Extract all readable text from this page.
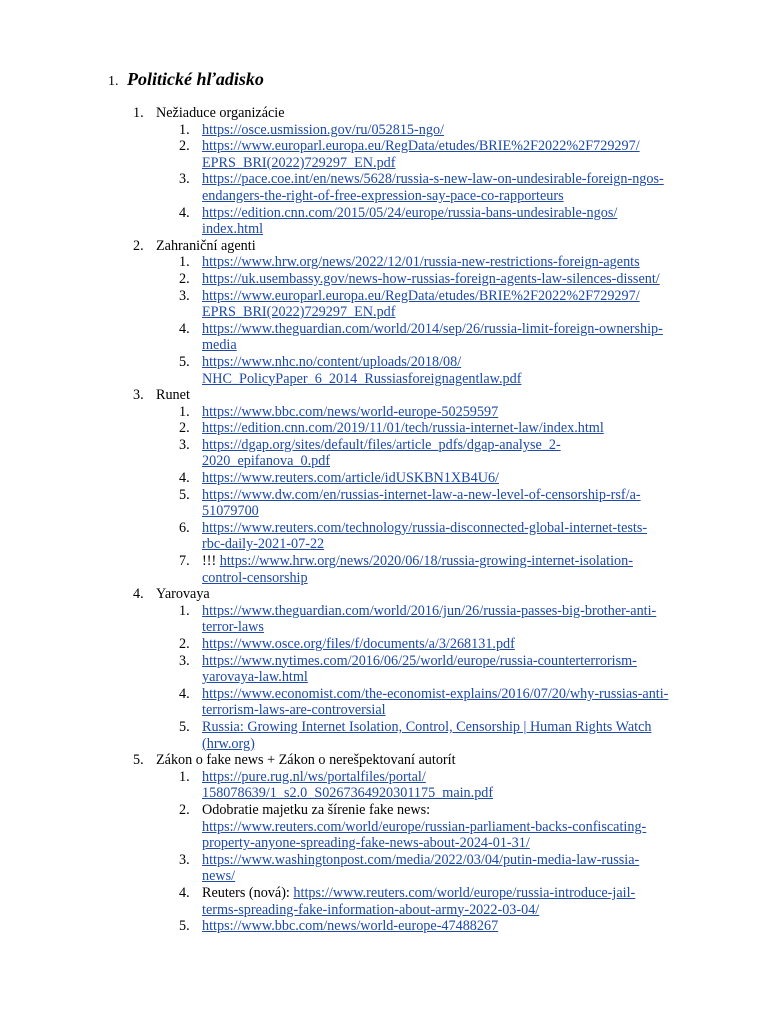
1. Politické hľadisko
1. Nežiaduce organizácie
1. https://osce.usmission.gov/ru/052815-ngo/
2. https://www.europarl.europa.eu/RegData/etudes/BRIE%2F2022%2F729297/
EPRS_BRI(2022)729297_EN.pdf
3. https://pace.coe.int/en/news/5628/russia-s-new-law-on-undesirable-foreign-ngos-
endangers-the-right-of-free-expression-say-pace-co-rapporteurs
4. https://edition.cnn.com/2015/05/24/europe/russia-bans-undesirable-ngos/
index.html
2. Zahraniční agenti
1. https://www.hrw.org/news/2022/12/01/russia-new-restrictions-foreign-agents
2. https://uk.usembassy.gov/news-how-russias-foreign-agents-law-silences-dissent/
3. https://www.europarl.europa.eu/RegData/etudes/BRIE%2F2022%2F729297/
EPRS_BRI(2022)729297_EN.pdf
4. https://www.theguardian.com/world/2014/sep/26/russia-limit-foreign-ownership-
media
5. https://www.nhc.no/content/uploads/2018/08/
NHC_PolicyPaper_6_2014_Russiasforeignagentlaw.pdf
3. Runet
1. https://www.bbc.com/news/world-europe-50259597
2. https://edition.cnn.com/2019/11/01/tech/russia-internet-law/index.html
3. https://dgap.org/sites/default/files/article_pdfs/dgap-analyse_2-
2020_epifanova_0.pdf
4. https://www.reuters.com/article/idUSKBN1XB4U6/
5. https://www.dw.com/en/russias-internet-law-a-new-level-of-censorship-rsf/a-
51079700
6. https://www.reuters.com/technology/russia-disconnected-global-internet-tests-
rbc-daily-2021-07-22
7. !!! https://www.hrw.org/news/2020/06/18/russia-growing-internet-isolation-
control-censorship
4. Yarovaya
1. https://www.theguardian.com/world/2016/jun/26/russia-passes-big-brother-anti-
terror-laws
2. https://www.osce.org/files/f/documents/a/3/268131.pdf
3. https://www.nytimes.com/2016/06/25/world/europe/russia-counterterrorism-
yarovaya-law.html
4. https://www.economist.com/the-economist-explains/2016/07/20/why-russias-anti-
terrorism-laws-are-controversial
5. Russia: Growing Internet Isolation, Control, Censorship | Human Rights Watch
(hrw.org)
5. Zákon o fake news + Zákon o nerešpektovaní autorít
1. https://pure.rug.nl/ws/portalfiles/portal/
158078639/1_s2.0_S0267364920301175_main.pdf
2. Odobratie majetku za šírenie fake news:
https://www.reuters.com/world/europe/russian-parliament-backs-confiscating-
property-anyone-spreading-fake-news-about-2024-01-31/
3. https://www.washingtonpost.com/media/2022/03/04/putin-media-law-russia-
news/
4. Reuters (nová): https://www.reuters.com/world/europe/russia-introduce-jail-
terms-spreading-fake-information-about-army-2022-03-04/
5. https://www.bbc.com/news/world-europe-47488267
